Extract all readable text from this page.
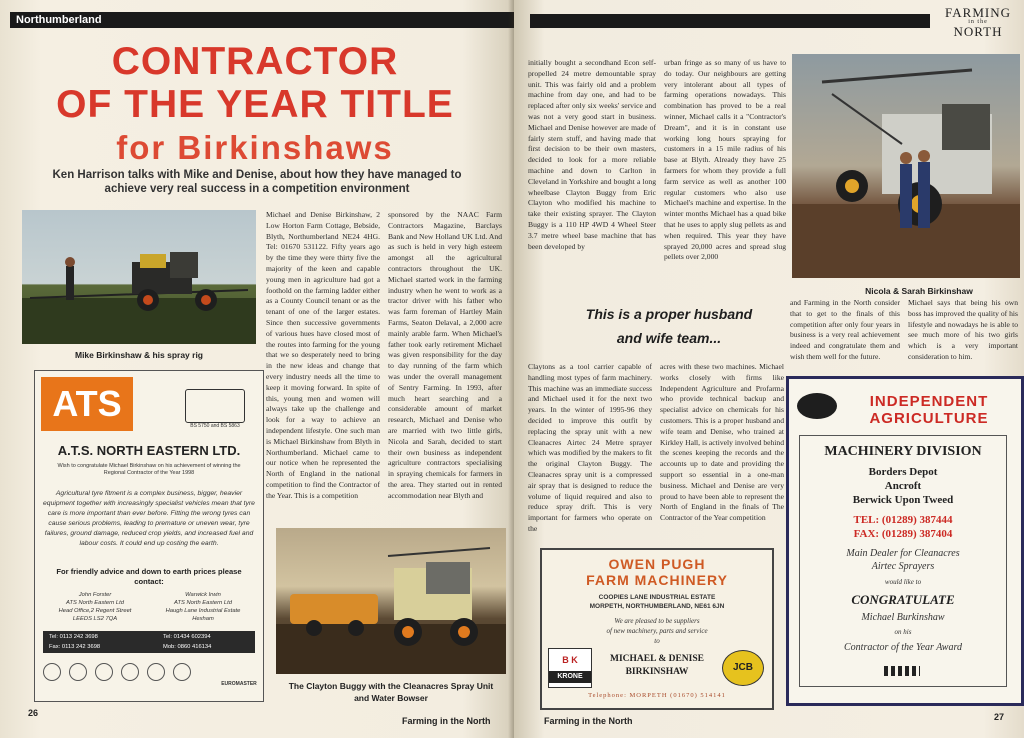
Northumberland
CONTRACTOR
OF THE YEAR TITLE
for Birkinshaws
Ken Harrison talks with Mike and Denise, about how they have managed to achieve very real success in a competition environment
Mike Birkinshaw & his spray rig
ATS
BS 5750 and BS 5863
A.T.S. NORTH EASTERN LTD.
Wish to congratulate Michael Birkinshaw on his achievement of winning the Regional Contractor of the Year 1998
Agricultural tyre fitment is a complex business, bigger, heavier equipment together with increasingly specialist vehicles mean that tyre care is more important than ever before. Fitting the wrong tyres can cause serious problems, leading to premature or uneven wear, tyre failures, ground damage, reduced crop yields, and increased fuel and labour costs. It could end up costing the earth.
For friendly advice and down to earth prices please contact:
John Forster
ATS North Eastern Ltd
Head Office,2 Regent Street
LEEDS LS2 7QA
Warwick Irwin
ATS North Eastern Ltd
Haugh Lane Industrial Estate
Hexham
Tel: 0113 242 3698
Fax: 0113 242 3698
Tel: 01434 602394
Mob: 0860 416134
EUROMASTER
Michael and Denise Birkinshaw, 2 Low Horton Farm Cottage, Bebside, Blyth, Northumberland NE24 4HG. Tel: 01670 531122. Fifty years ago by the time they were thirty five the majority of the keen and capable young men in agriculture had got a foothold on the farming ladder either as a County Council tenant or as the tenant of one of the larger estates. Since then successive governments of various hues have closed most of the routes into farming for the young that we so desperately need to bring in the new ideas and change that every industry needs all the time to keep it moving forward. In spite of this, young men and women will always take up the challenge and look for a way to achieve an independent lifestyle. One such man is Michael Birkinshaw from Blyth in Northumberland. Michael came to our notice when he represented the North of England in the national competition to find the Contractor of the Year. This is a competition
sponsored by the NAAC Farm Contractors Magazine, Barclays Bank and New Holland UK Ltd. And as such is held in very high esteem amongst all the agricultural contractors throughout the UK. Michael started work in the farming industry when he went to work as a tractor driver with his father who was farm foreman of Hartley Main Farms, Seaton Delaval, a 2,000 acre mainly arable farm. When Michael's father took early retirement Michael was given responsibility for the day to day running of the farm which was under the overall management of Sentry Farming. In 1993, after much heart searching and a considerable amount of market research, Michael and Denise who are married with two little girls, Nicola and Sarah, decided to start their own business as independent agriculture contractors specialising in spraying chemicals for farmers in the area. They started out in rented accommodation near Blyth and
The Clayton Buggy with the Cleanacres Spray Unit and Water Bowser
26
Farming in the North
FARMING
in the
NORTH
initially bought a secondhand Econ self-propelled 24 metre demountable spray unit. This was fairly old and a problem machine from day one, and had to be replaced after only six weeks' service and was not a very good start in business. Michael and Denise however are made of fairly stern stuff, and having made that first decision to be their own masters, decided to look for a more reliable machine and down to Carlton in Cleveland in Yorkshire and bought a long wheelbase Clayton Buggy from Eric Clayton who modified his machine to take their existing sprayer. The Clayton Buggy is a 110 HP 4WD 4 Wheel Steer 3.7 metre wheel base machine that has been developed by
urban fringe as so many of us have to do today. Our neighbours are getting very intolerant about all types of farming operations nowadays. This combination has proved to be a real winner, Michael calls it a "Contractor's Dream", and it is in constant use working long hours spraying for customers in a 15 mile radius of his base at Blyth. Already they have 25 farmers for whom they provide a full farm service as well as another 100 regular customers who also use Michael's machine and expertise. In the winter months Michael has a quad bike that he uses to apply slug pellets as and when required. This year they have sprayed 20,000 acres and spread slug pellets over 2,000
Nicola & Sarah Birkinshaw
This is a proper husband
and wife team...
and Farming in the North consider that to get to the finals of this competition after only four years in business is a very real achievement indeed and congratulate them and wish them well for the future.
Michael says that being his own boss has improved the quality of his lifestyle and nowadays he is able to see much more of his two girls which is a very important consideration to him.
Claytons as a tool carrier capable of handling most types of farm machinery. This machine was an immediate success and Michael used it for the next two years. In the winter of 1995-96 they decided to improve this outfit by replacing the spray unit with a new Cleanacres Airtec 24 Metre sprayer which was modified by the makers to fit the original Clayton Buggy. The Cleanacres spray unit is a compressed air spray that is designed to reduce the volume of liquid required and also to reduce spray drift. This is very important for farmers who operate on the
acres with these two machines. Michael works closely with firms like Independent Agriculture and Profarma who provide technical backup and specialist advice on chemicals for his customers. This is a proper husband and wife team and Denise, who trained at Kirkley Hall, is actively involved behind the scenes keeping the records and the accounts up to date and providing the support so essential in a one-man business. Michael and Denise are very proud to have been able to represent the North of England in the finals of The Contractor of the Year competition
OWEN PUGH
FARM MACHINERY
COOPIES LANE INDUSTRIAL ESTATE
MORPETH, NORTHUMBERLAND, NE61 6JN
We are pleased to be suppliers
of new machinery, parts and service
to
B K
KRONE
MICHAEL & DENISE
BIRKINSHAW	JCB
Telephone: MORPETH (01670) 514141
INDEPENDENT
AGRICULTURE
MACHINERY DIVISION
Borders Depot
Ancroft
Berwick Upon Tweed
TEL: (01289) 387444
FAX: (01289) 387404
Main Dealer for Cleanacres
Airtec Sprayers
would like to
CONGRATULATE
Michael Burkinshaw
on his
Contractor of the Year Award
Farming in the North	27
